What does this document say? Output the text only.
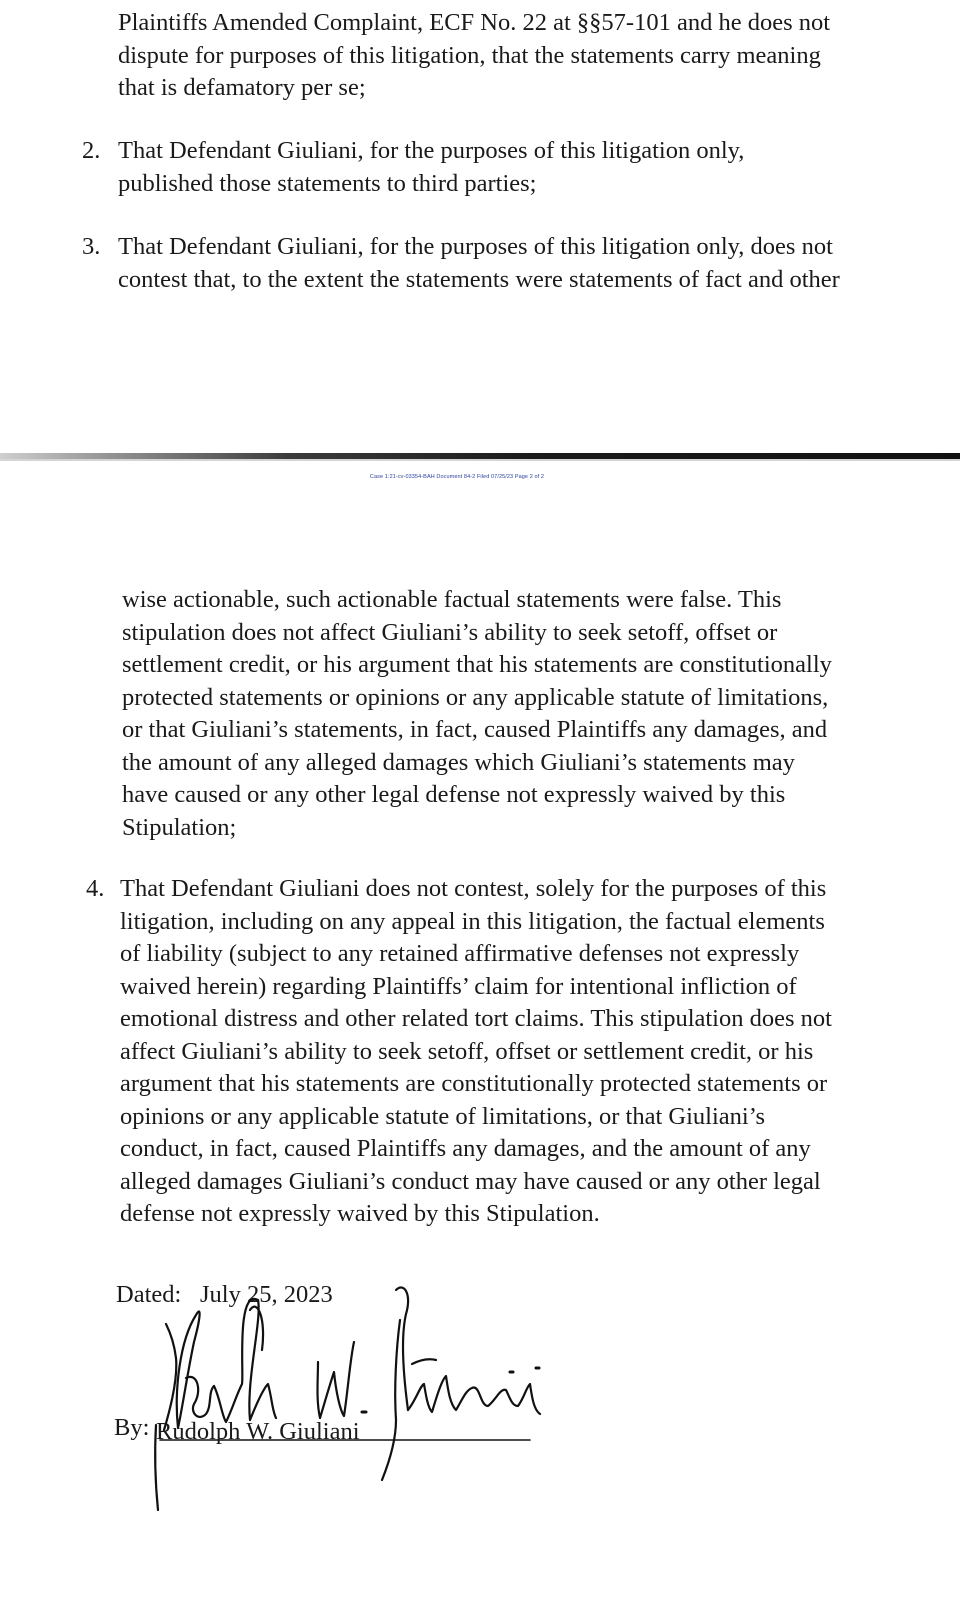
Plaintiffs Amended Complaint, ECF No. 22 at §§57-101 and he does not
dispute for purposes of this litigation, that the statements carry meaning
that is defamatory per se;

2. That Defendant Giuliani, for the purposes of this litigation only,
published those statements to third parties;

3. That Defendant Giuliani, for the purposes of this litigation only, does not
contest that, to the extent the statements were statements of fact and other

Case 1:21-cv-03354-BAH Document 84-2 Filed 07/25/23 Page 2 of 2

wise actionable, such actionable factual statements were false. This
stipulation does not affect Giuliani’s ability to seek setoff, offset or
settlement credit, or his argument that his statements are constitutionally
protected statements or opinions or any applicable statute of limitations,
or that Giuliani’s statements, in fact, caused Plaintiffs any damages, and
the amount of any alleged damages which Giuliani’s statements may
have caused or any other legal defense not expressly waived by this
Stipulation;

4. That Defendant Giuliani does not contest, solely for the purposes of this
litigation, including on any appeal in this litigation, the factual elements
of liability (subject to any retained affirmative defenses not expressly
waived herein) regarding Plaintiffs’ claim for intentional infliction of
emotional distress and other related tort claims. This stipulation does not
affect Giuliani’s ability to seek setoff, offset or settlement credit, or his
argument that his statements are constitutionally protected statements or
opinions or any applicable statute of limitations, or that Giuliani’s
conduct, in fact, caused Plaintiffs any damages, and the amount of any
alleged damages Giuliani’s conduct may have caused or any other legal
defense not expressly waived by this Stipulation.

Dated: July 25, 2023
By: Rudolph W. Giuliani
